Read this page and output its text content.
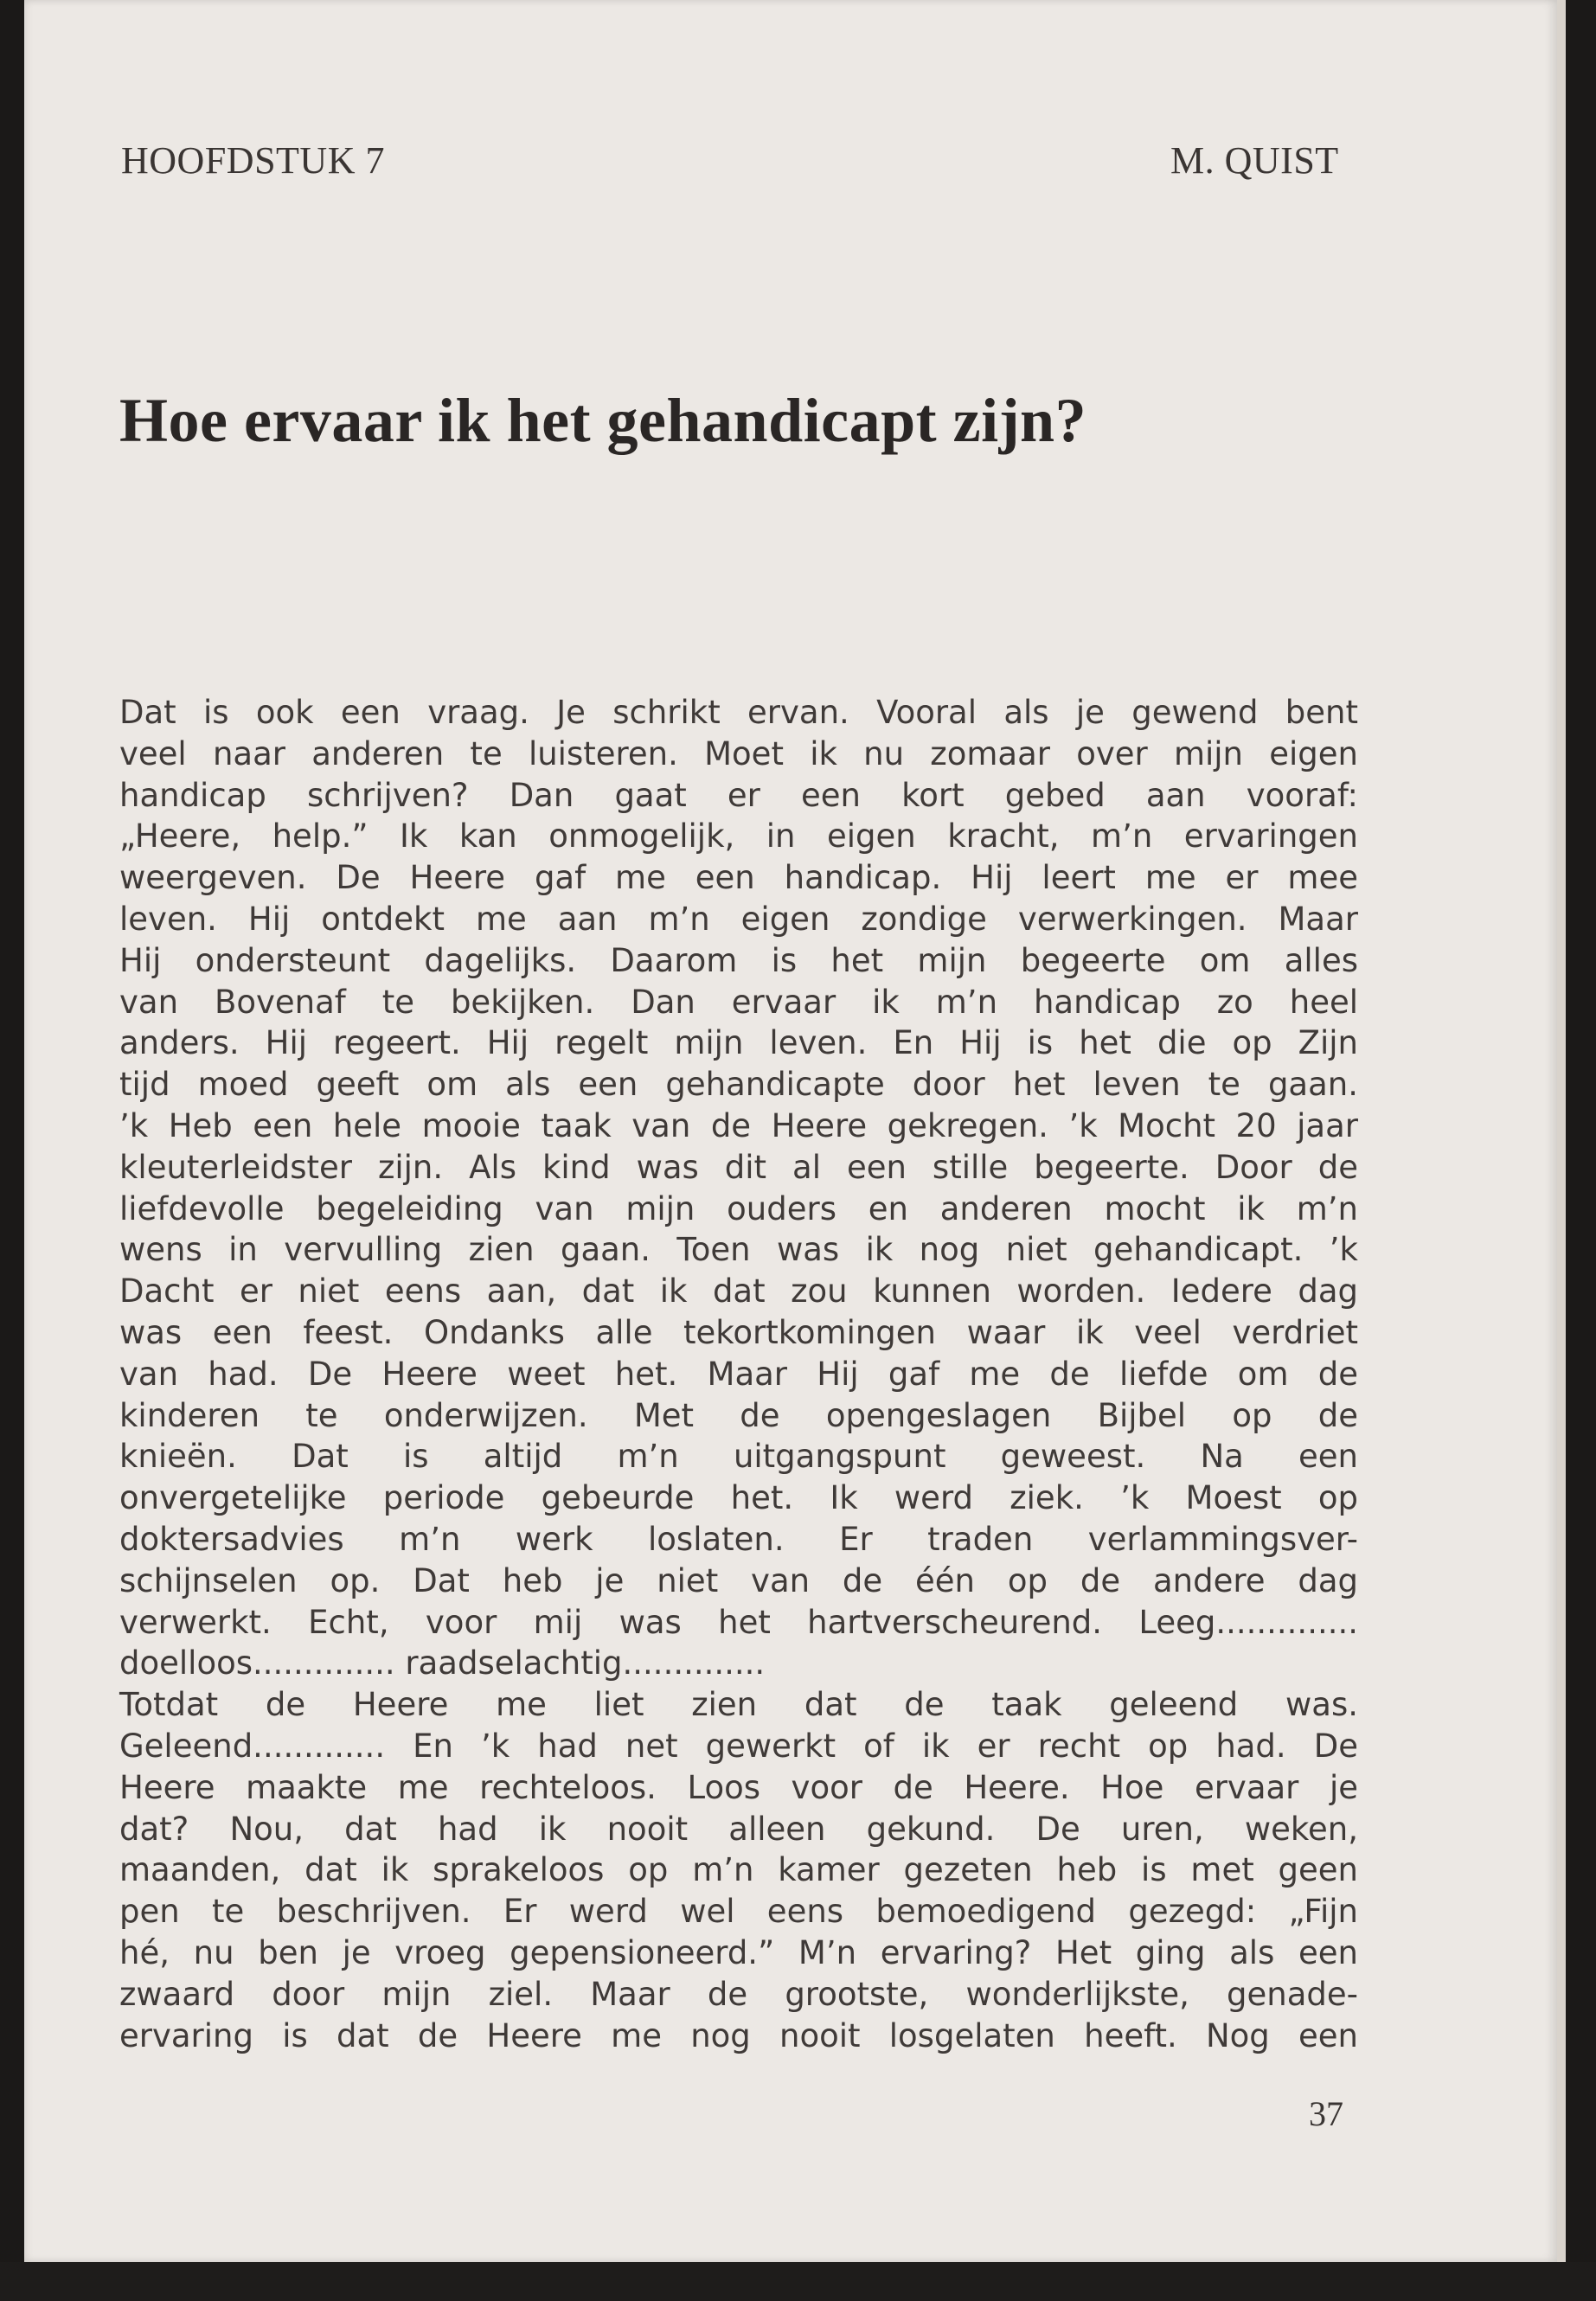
HOOFDSTUK 7	M. QUIST
Hoe ervaar ik het gehandicapt zijn?
Dat is ook een vraag. Je schrikt ervan. Vooral als je gewend bent
veel naar anderen te luisteren. Moet ik nu zomaar over mijn eigen
handicap schrijven? Dan gaat er een kort gebed aan vooraf:
„Heere, help.” Ik kan onmogelijk, in eigen kracht, m’n ervaringen
weergeven. De Heere gaf me een handicap. Hij leert me er mee
leven. Hij ontdekt me aan m’n eigen zondige verwerkingen. Maar
Hij ondersteunt dagelijks. Daarom is het mijn begeerte om alles
van Bovenaf te bekijken. Dan ervaar ik m’n handicap zo heel
anders. Hij regeert. Hij regelt mijn leven. En Hij is het die op Zijn
tijd moed geeft om als een gehandicapte door het leven te gaan.
’k Heb een hele mooie taak van de Heere gekregen. ’k Mocht 20 jaar
kleuterleidster zijn. Als kind was dit al een stille begeerte. Door de
liefdevolle begeleiding van mijn ouders en anderen mocht ik m’n
wens in vervulling zien gaan. Toen was ik nog niet gehandicapt. ’k
Dacht er niet eens aan, dat ik dat zou kunnen worden. Iedere dag
was een feest. Ondanks alle tekortkomingen waar ik veel verdriet
van had. De Heere weet het. Maar Hij gaf me de liefde om de
kinderen te onderwijzen. Met de opengeslagen Bijbel op de
knieën. Dat is altijd m’n uitgangspunt geweest. Na een
onvergetelijke periode gebeurde het. Ik werd ziek. ’k Moest op
doktersadvies m’n werk loslaten. Er traden verlammingsver-
schijnselen op. Dat heb je niet van de één op de andere dag
verwerkt. Echt, voor mij was het hartverscheurend. Leeg..............
doelloos.............. raadselachtig..............
Totdat de Heere me liet zien dat de taak geleend was.
Geleend............. En ’k had net gewerkt of ik er recht op had. De
Heere maakte me rechteloos. Loos voor de Heere. Hoe ervaar je
dat? Nou, dat had ik nooit alleen gekund. De uren, weken,
maanden, dat ik sprakeloos op m’n kamer gezeten heb is met geen
pen te beschrijven. Er werd wel eens bemoedigend gezegd: „Fijn
hé, nu ben je vroeg gepensioneerd.” M’n ervaring? Het ging als een
zwaard door mijn ziel. Maar de grootste, wonderlijkste, genade-
ervaring is dat de Heere me nog nooit losgelaten heeft. Nog een
37
